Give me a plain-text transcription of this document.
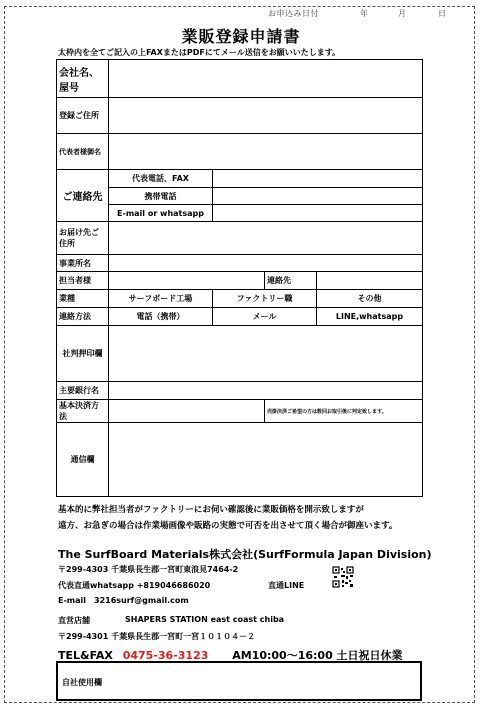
お申込み日付	年	月	日
業販登録申請書
太枠内を全てご記入の上FAXまたはPDFにてメール送信をお願いいたします。
会社名、
屋号				

登録ご住所				
代表者様御名				
ご連絡先	代表電話、FAX			
	携帯電話			
	E-mail or whatsapp			

お届け先ご
住所				

事業所名				
担当者様			連絡先	
業種	サーフボード工場	ファクトリー職		その他
連絡方法	電話（携帯）	メール		LINE,whatsapp
社判押印欄				
主要銀行名				
基本決済方法			売掛決済ご希望の方は数回お取引後に判定致します。	
通信欄				
基本的に弊社担当者がファクトリーにお伺い確認後に業販価格を開示致しますが
遠方、お急ぎの場合は作業場画像や販路の実態で可否を出させて頂く場合が御座います。
The SurfBoard Materials株式会社(SurfFormula Japan Division)
〒299-4303 千葉県長生郡一宮町東浪見7464-2
代表直通whatsapp +819046686020	直通LINE
E-mail　3216surf@gmail.com
直営店舗	SHAPERS STATION east coast chiba
〒299-4301 千葉県長生郡一宮町一宮１０１０４－２
TEL&FAX 0475-36-3123 AM10:00～16:00 土日祝日休業
自社使用欄
